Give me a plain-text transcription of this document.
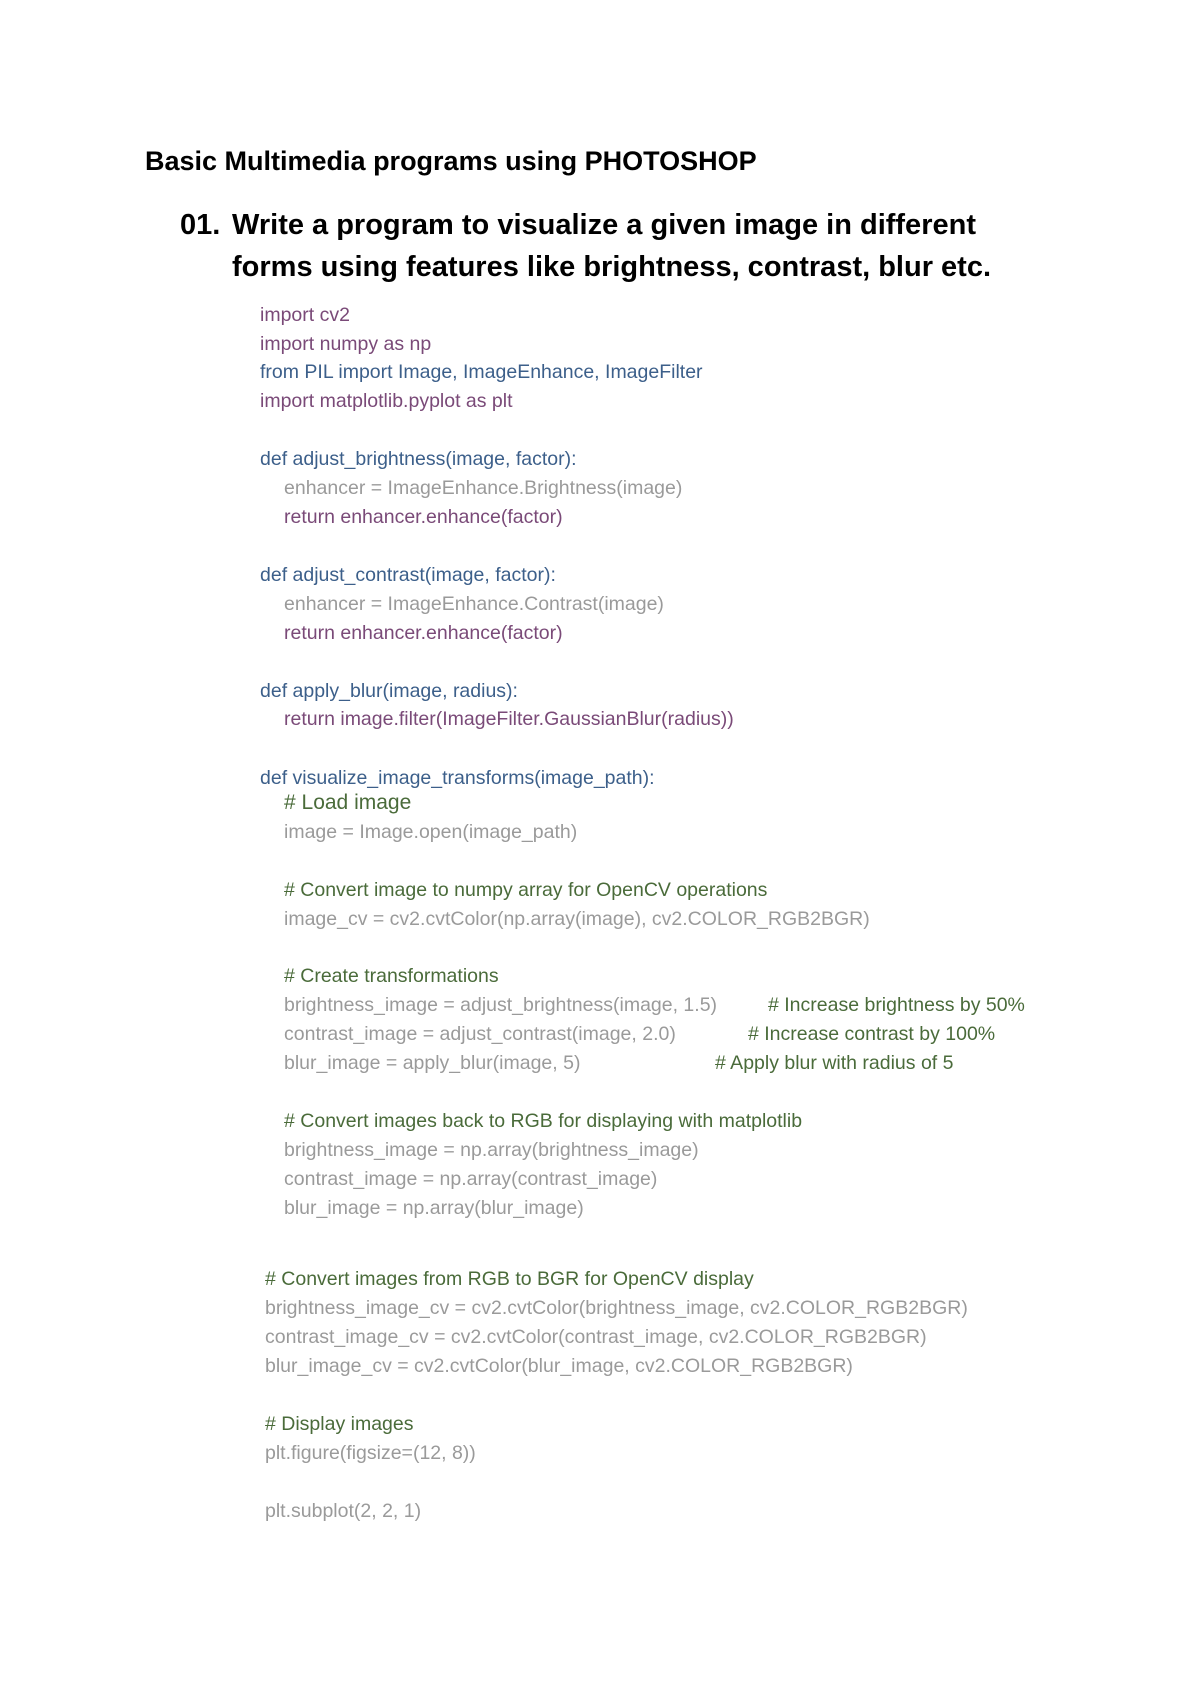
Basic Multimedia programs using PHOTOSHOP
01. Write a program to visualize a given image in different
forms using features like brightness, contrast, blur etc.
import cv2
import numpy as np
from PIL import Image, ImageEnhance, ImageFilter
import matplotlib.pyplot as plt
def adjust_brightness(image, factor):
enhancer = ImageEnhance.Brightness(image)
return enhancer.enhance(factor)
def adjust_contrast(image, factor):
enhancer = ImageEnhance.Contrast(image)
return enhancer.enhance(factor)
def apply_blur(image, radius):
return image.filter(ImageFilter.GaussianBlur(radius))
def visualize_image_transforms(image_path):
# Load image
image = Image.open(image_path)
# Convert image to numpy array for OpenCV operations
image_cv = cv2.cvtColor(np.array(image), cv2.COLOR_RGB2BGR)
# Create transformations
brightness_image = adjust_brightness(image, 1.5)	# Increase brightness by 50%
contrast_image = adjust_contrast(image, 2.0)	# Increase contrast by 100%
blur_image = apply_blur(image, 5)	# Apply blur with radius of 5
# Convert images back to RGB for displaying with matplotlib
brightness_image = np.array(brightness_image)
contrast_image = np.array(contrast_image)
blur_image = np.array(blur_image)
# Convert images from RGB to BGR for OpenCV display
brightness_image_cv = cv2.cvtColor(brightness_image, cv2.COLOR_RGB2BGR)
contrast_image_cv = cv2.cvtColor(contrast_image, cv2.COLOR_RGB2BGR)
blur_image_cv = cv2.cvtColor(blur_image, cv2.COLOR_RGB2BGR)
# Display images
plt.figure(figsize=(12, 8))
plt.subplot(2, 2, 1)
